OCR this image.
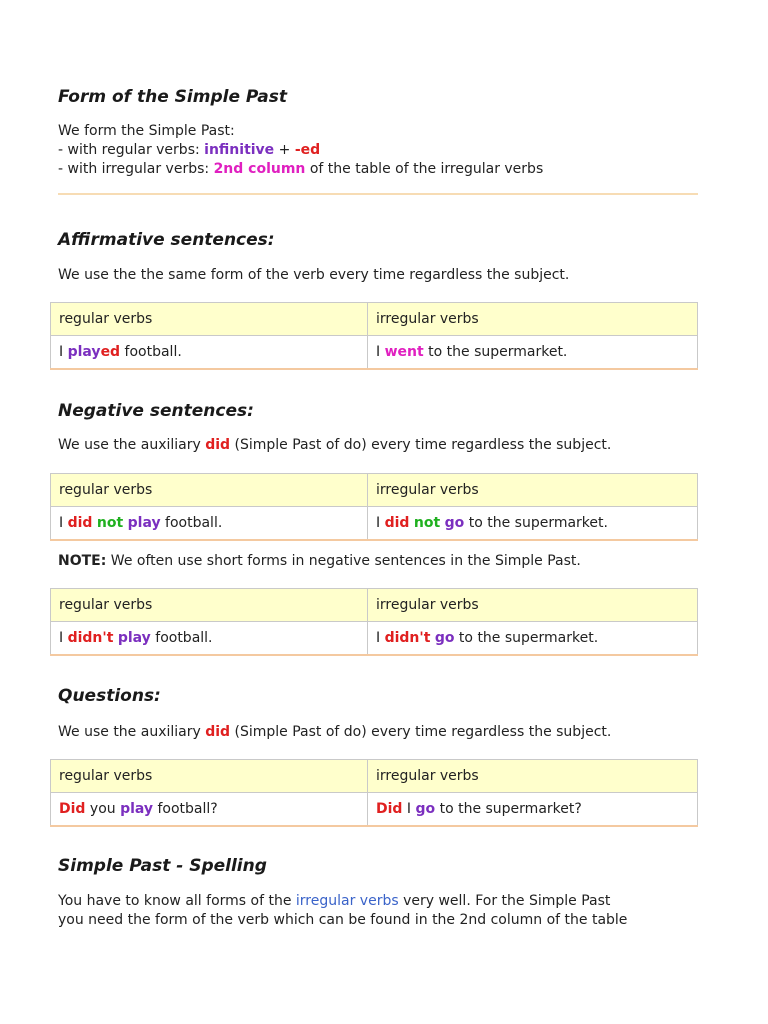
Form of the Simple Past

We form the Simple Past:

- with regular verbs: infinitive + -ed

- with irregular verbs: 2nd column of the table of the irregular verbs

Affirmative sentences:

We use the the same form of the verb every time regardless the subject.

regular verbs	irregular verbs
I played football.	I went to the supermarket.
Negative sentences:

We use the auxiliary did (Simple Past of do) every time regardless the subject.

regular verbs	irregular verbs
I did not play football.	I did not go to the supermarket.

NOTE: We often use short forms in negative sentences in the Simple Past.

regular verbs	irregular verbs
I didn't play football.	I didn't go to the supermarket.
Questions:

We use the auxiliary did (Simple Past of do) every time regardless the subject.

regular verbs	irregular verbs
Did you play football?	Did I go to the supermarket?
Simple Past - Spelling

You have to know all forms of the irregular verbs very well. For the Simple Past

you need the form of the verb which can be found in the 2nd column of the table
